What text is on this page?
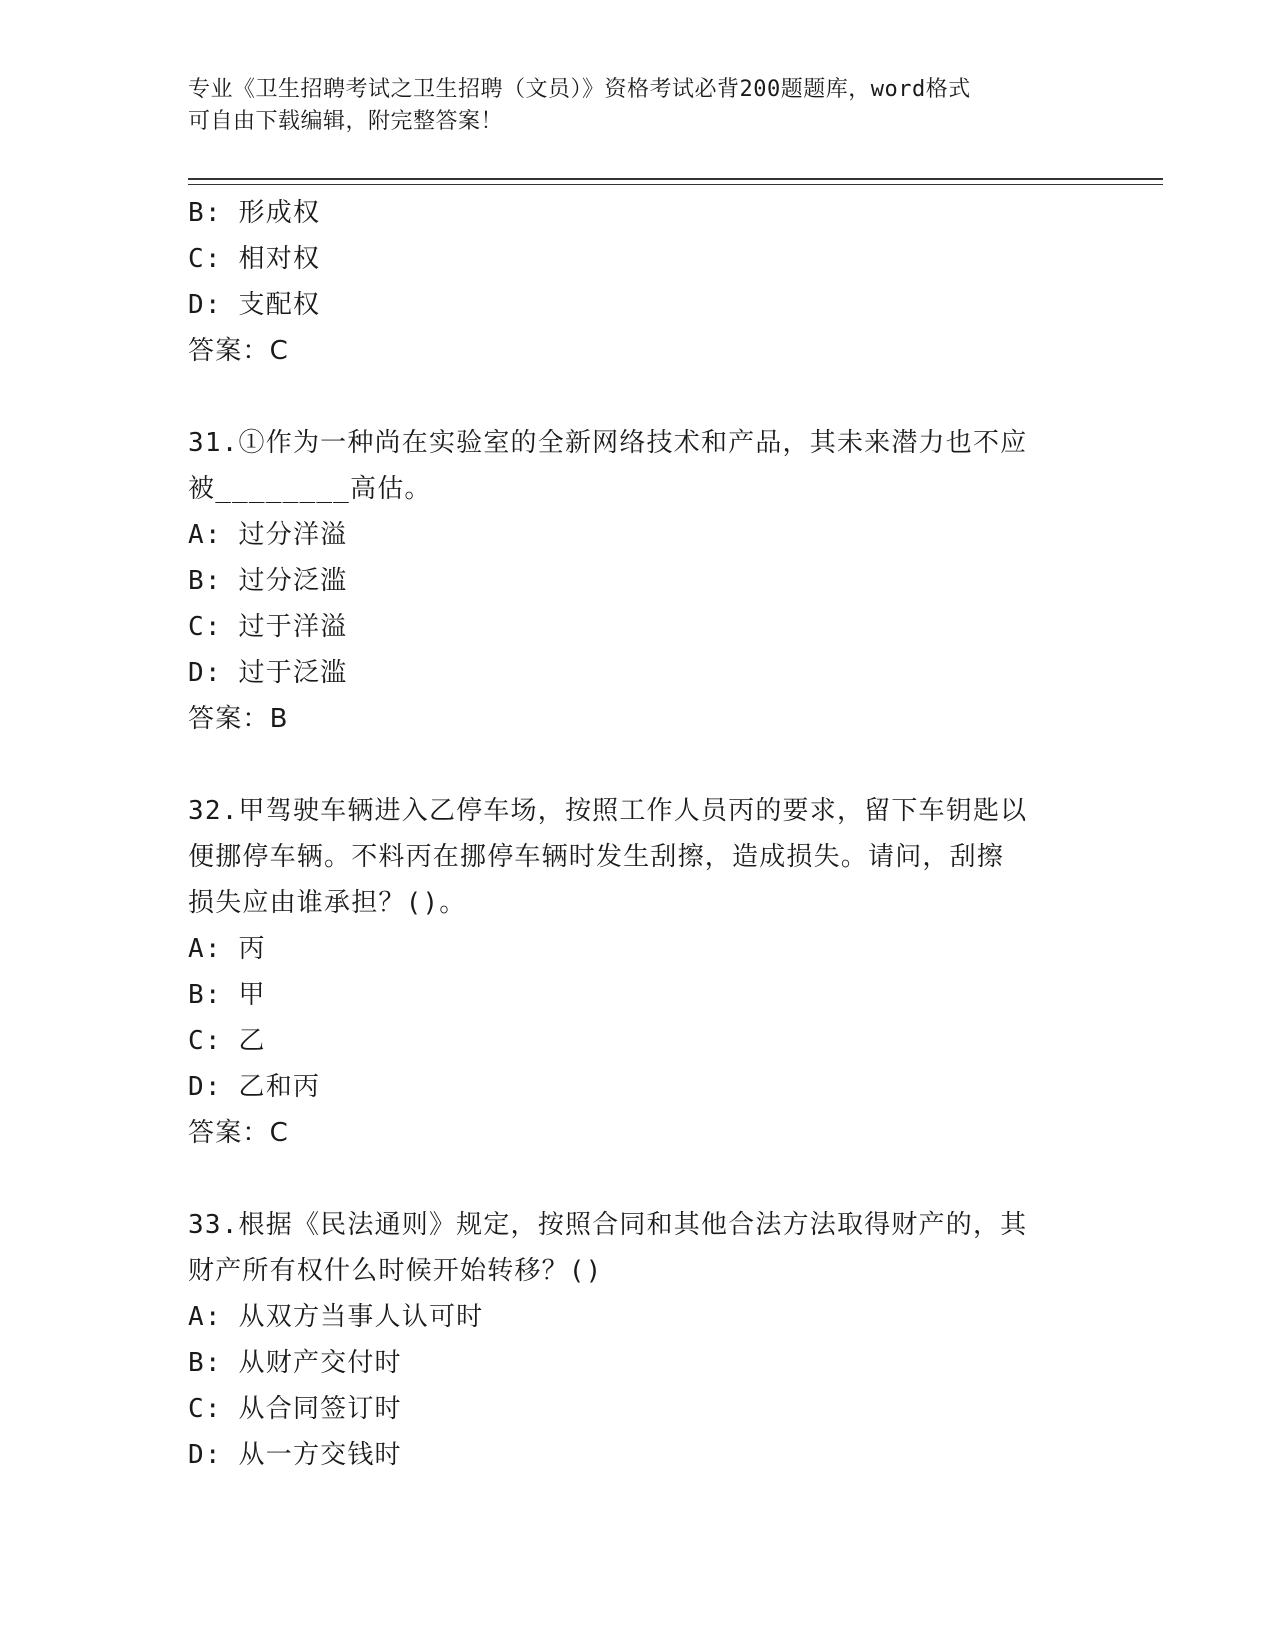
专业《卫生招聘考试之卫生招聘（文员）》资格考试必背200题题库，word格式
可自由下载编辑，附完整答案！
B: 形成权
C: 相对权
D: 支配权
答案：C
31.①作为一种尚在实验室的全新网络技术和产品，其未来潜力也不应
被________高估。
A: 过分洋溢
B: 过分泛滥
C: 过于洋溢
D: 过于泛滥
答案：B
32.甲驾驶车辆进入乙停车场，按照工作人员丙的要求，留下车钥匙以
便挪停车辆。不料丙在挪停车辆时发生刮擦，造成损失。请问，刮擦
损失应由谁承担？()。
A: 丙
B: 甲
C: 乙
D: 乙和丙
答案：C
33.根据《民法通则》规定，按照合同和其他合法方法取得财产的，其
财产所有权什么时候开始转移？()
A: 从双方当事人认可时
B: 从财产交付时
C: 从合同签订时
D: 从一方交钱时
